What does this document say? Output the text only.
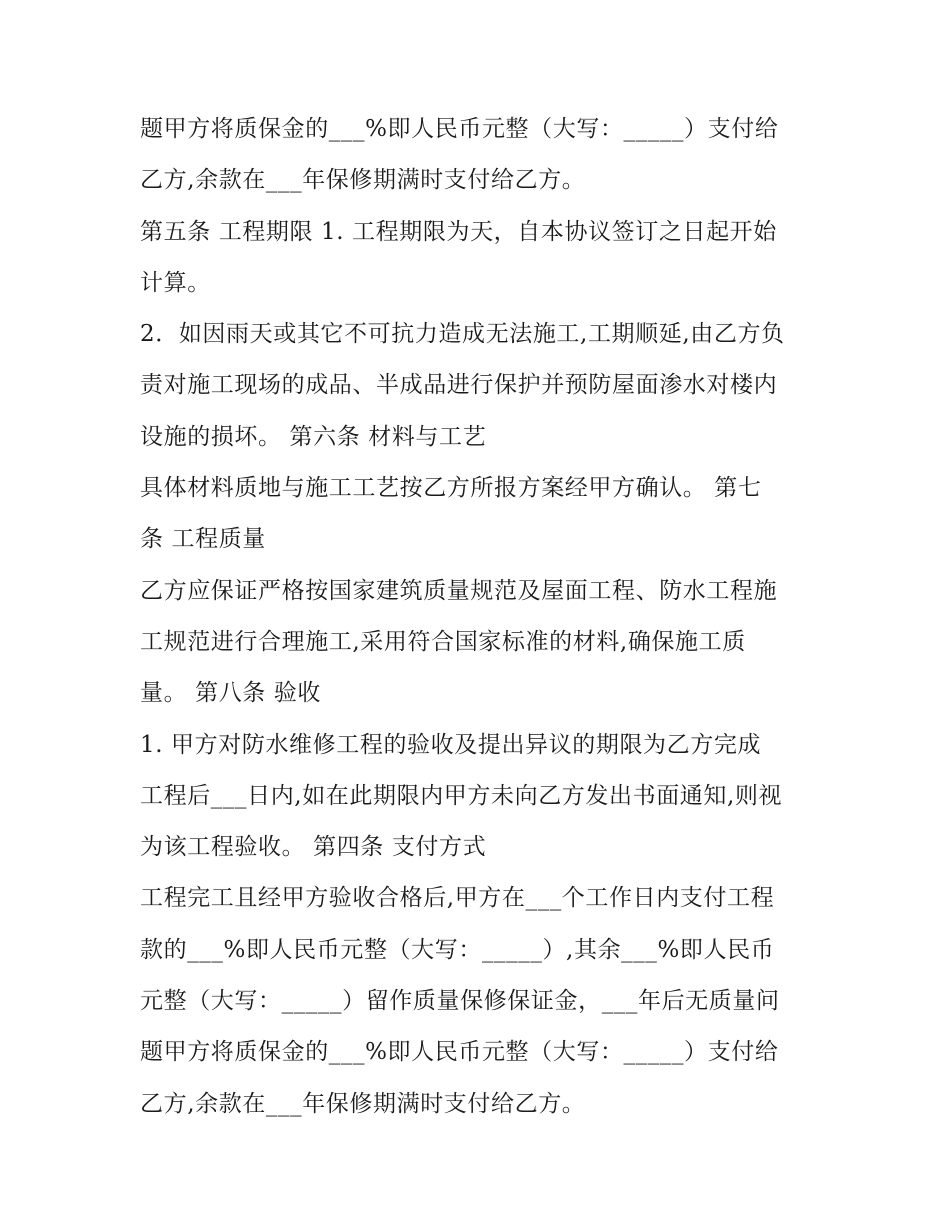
题甲方将质保金的___%即人民币元整（大写：_____）支付给
乙方,余款在___年保修期满时支付给乙方。
第五条 工程期限 1. 工程期限为天，自本协议签订之日起开始
计算。
2．如因雨天或其它不可抗力造成无法施工,工期顺延,由乙方负
责对施工现场的成品、半成品进行保护并预防屋面渗水对楼内
设施的损坏。 第六条 材料与工艺
具体材料质地与施工工艺按乙方所报方案经甲方确认。 第七
条 工程质量
乙方应保证严格按国家建筑质量规范及屋面工程、防水工程施
工规范进行合理施工,采用符合国家标准的材料,确保施工质
量。 第八条 验收
1. 甲方对防水维修工程的验收及提出异议的期限为乙方完成
工程后___日内,如在此期限内甲方未向乙方发出书面通知,则视
为该工程验收。 第四条 支付方式
工程完工且经甲方验收合格后,甲方在___个工作日内支付工程
款的___%即人民币元整（大写：_____）,其余___%即人民币
元整（大写：_____）留作质量保修保证金，___年后无质量问
题甲方将质保金的___%即人民币元整（大写：_____）支付给
乙方,余款在___年保修期满时支付给乙方。
